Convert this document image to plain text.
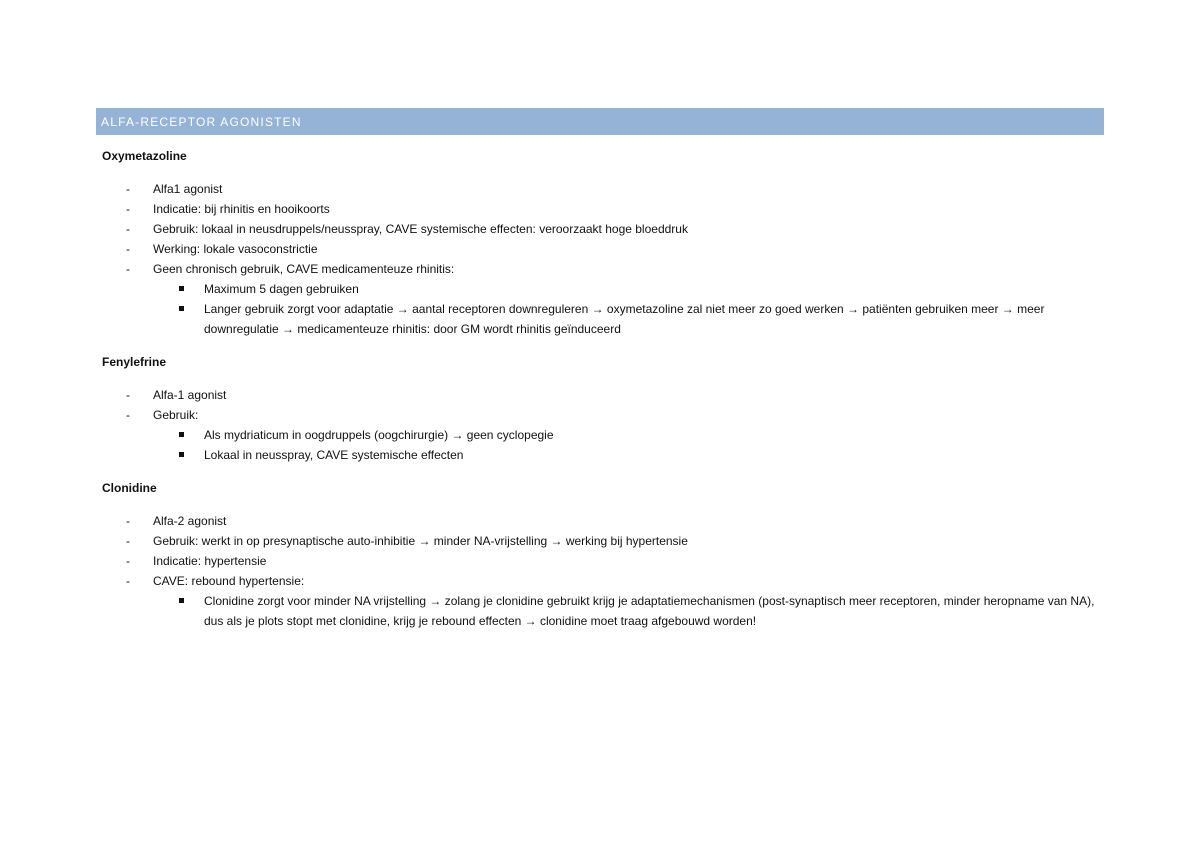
ALFA-RECEPTOR AGONISTEN
Oxymetazoline
- Alfa1 agonist
- Indicatie: bij rhinitis en hooikoorts
- Gebruik: lokaal in neusdruppels/neusspray, CAVE systemische effecten: veroorzaakt hoge bloeddruk
- Werking: lokale vasoconstrictie
- Geen chronisch gebruik, CAVE medicamenteuze rhinitis:
Maximum 5 dagen gebruiken
Langer gebruik zorgt voor adaptatie → aantal receptoren downreguleren → oxymetazoline zal niet meer zo goed werken → patiënten gebruiken meer → meer downregulatie → medicamenteuze rhinitis: door GM wordt rhinitis geïnduceerd
Fenylefrine
- Alfa-1 agonist
- Gebruik:
Als mydriaticum in oogdruppels (oogchirurgie) → geen cyclopegie
Lokaal in neusspray, CAVE systemische effecten
Clonidine
- Alfa-2 agonist
- Gebruik: werkt in op presynaptische auto-inhibitie → minder NA-vrijstelling → werking bij hypertensie
- Indicatie: hypertensie
- CAVE: rebound hypertensie:
Clonidine zorgt voor minder NA vrijstelling → zolang je clonidine gebruikt krijg je adaptatiemechanismen (post-synaptisch meer receptoren, minder heropname van NA), dus als je plots stopt met clonidine, krijg je rebound effecten → clonidine moet traag afgebouwd worden!
